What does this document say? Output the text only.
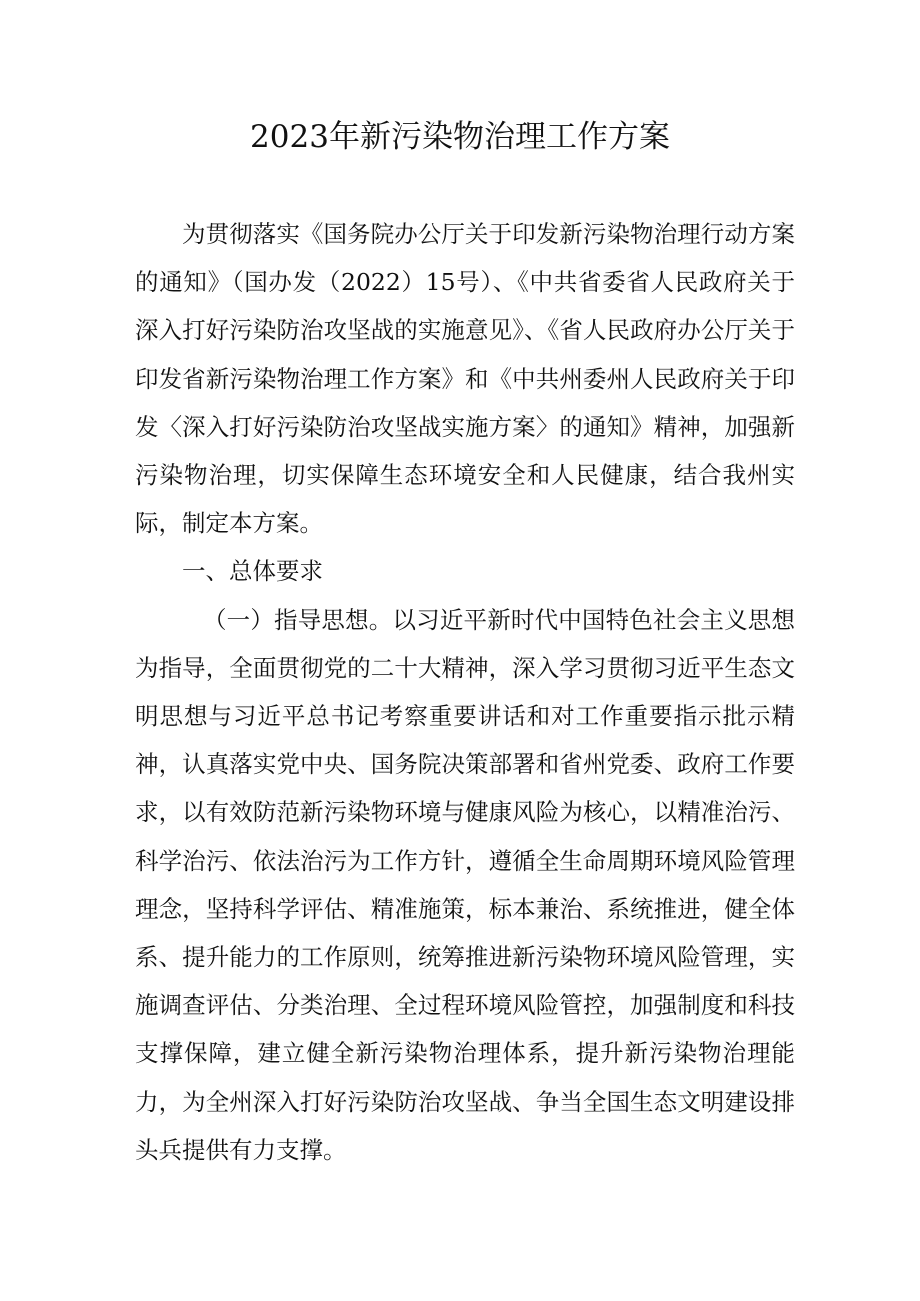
2023年新污染物治理工作方案

为贯彻落实《国务院办公厅关于印发新污染物治理行动方案的通知》（国办发（2022）15号）、《中共省委省人民政府关于深入打好污染防治攻坚战的实施意见》、《省人民政府办公厅关于印发省新污染物治理工作方案》和《中共州委州人民政府关于印发〈深入打好污染防治攻坚战实施方案〉的通知》精神，加强新污染物治理，切实保障生态环境安全和人民健康，结合我州实际，制定本方案。

一、总体要求

（一）指导思想。以习近平新时代中国特色社会主义思想为指导，全面贯彻党的二十大精神，深入学习贯彻习近平生态文明思想与习近平总书记考察重要讲话和对工作重要指示批示精神，认真落实党中央、国务院决策部署和省州党委、政府工作要求，以有效防范新污染物环境与健康风险为核心，以精准治污、科学治污、依法治污为工作方针，遵循全生命周期环境风险管理理念，坚持科学评估、精准施策，标本兼治、系统推进，健全体系、提升能力的工作原则，统筹推进新污染物环境风险管理，实施调查评估、分类治理、全过程环境风险管控，加强制度和科技支撑保障，建立健全新污染物治理体系，提升新污染物治理能力，为全州深入打好污染防治攻坚战、争当全国生态文明建设排头兵提供有力支撑。
